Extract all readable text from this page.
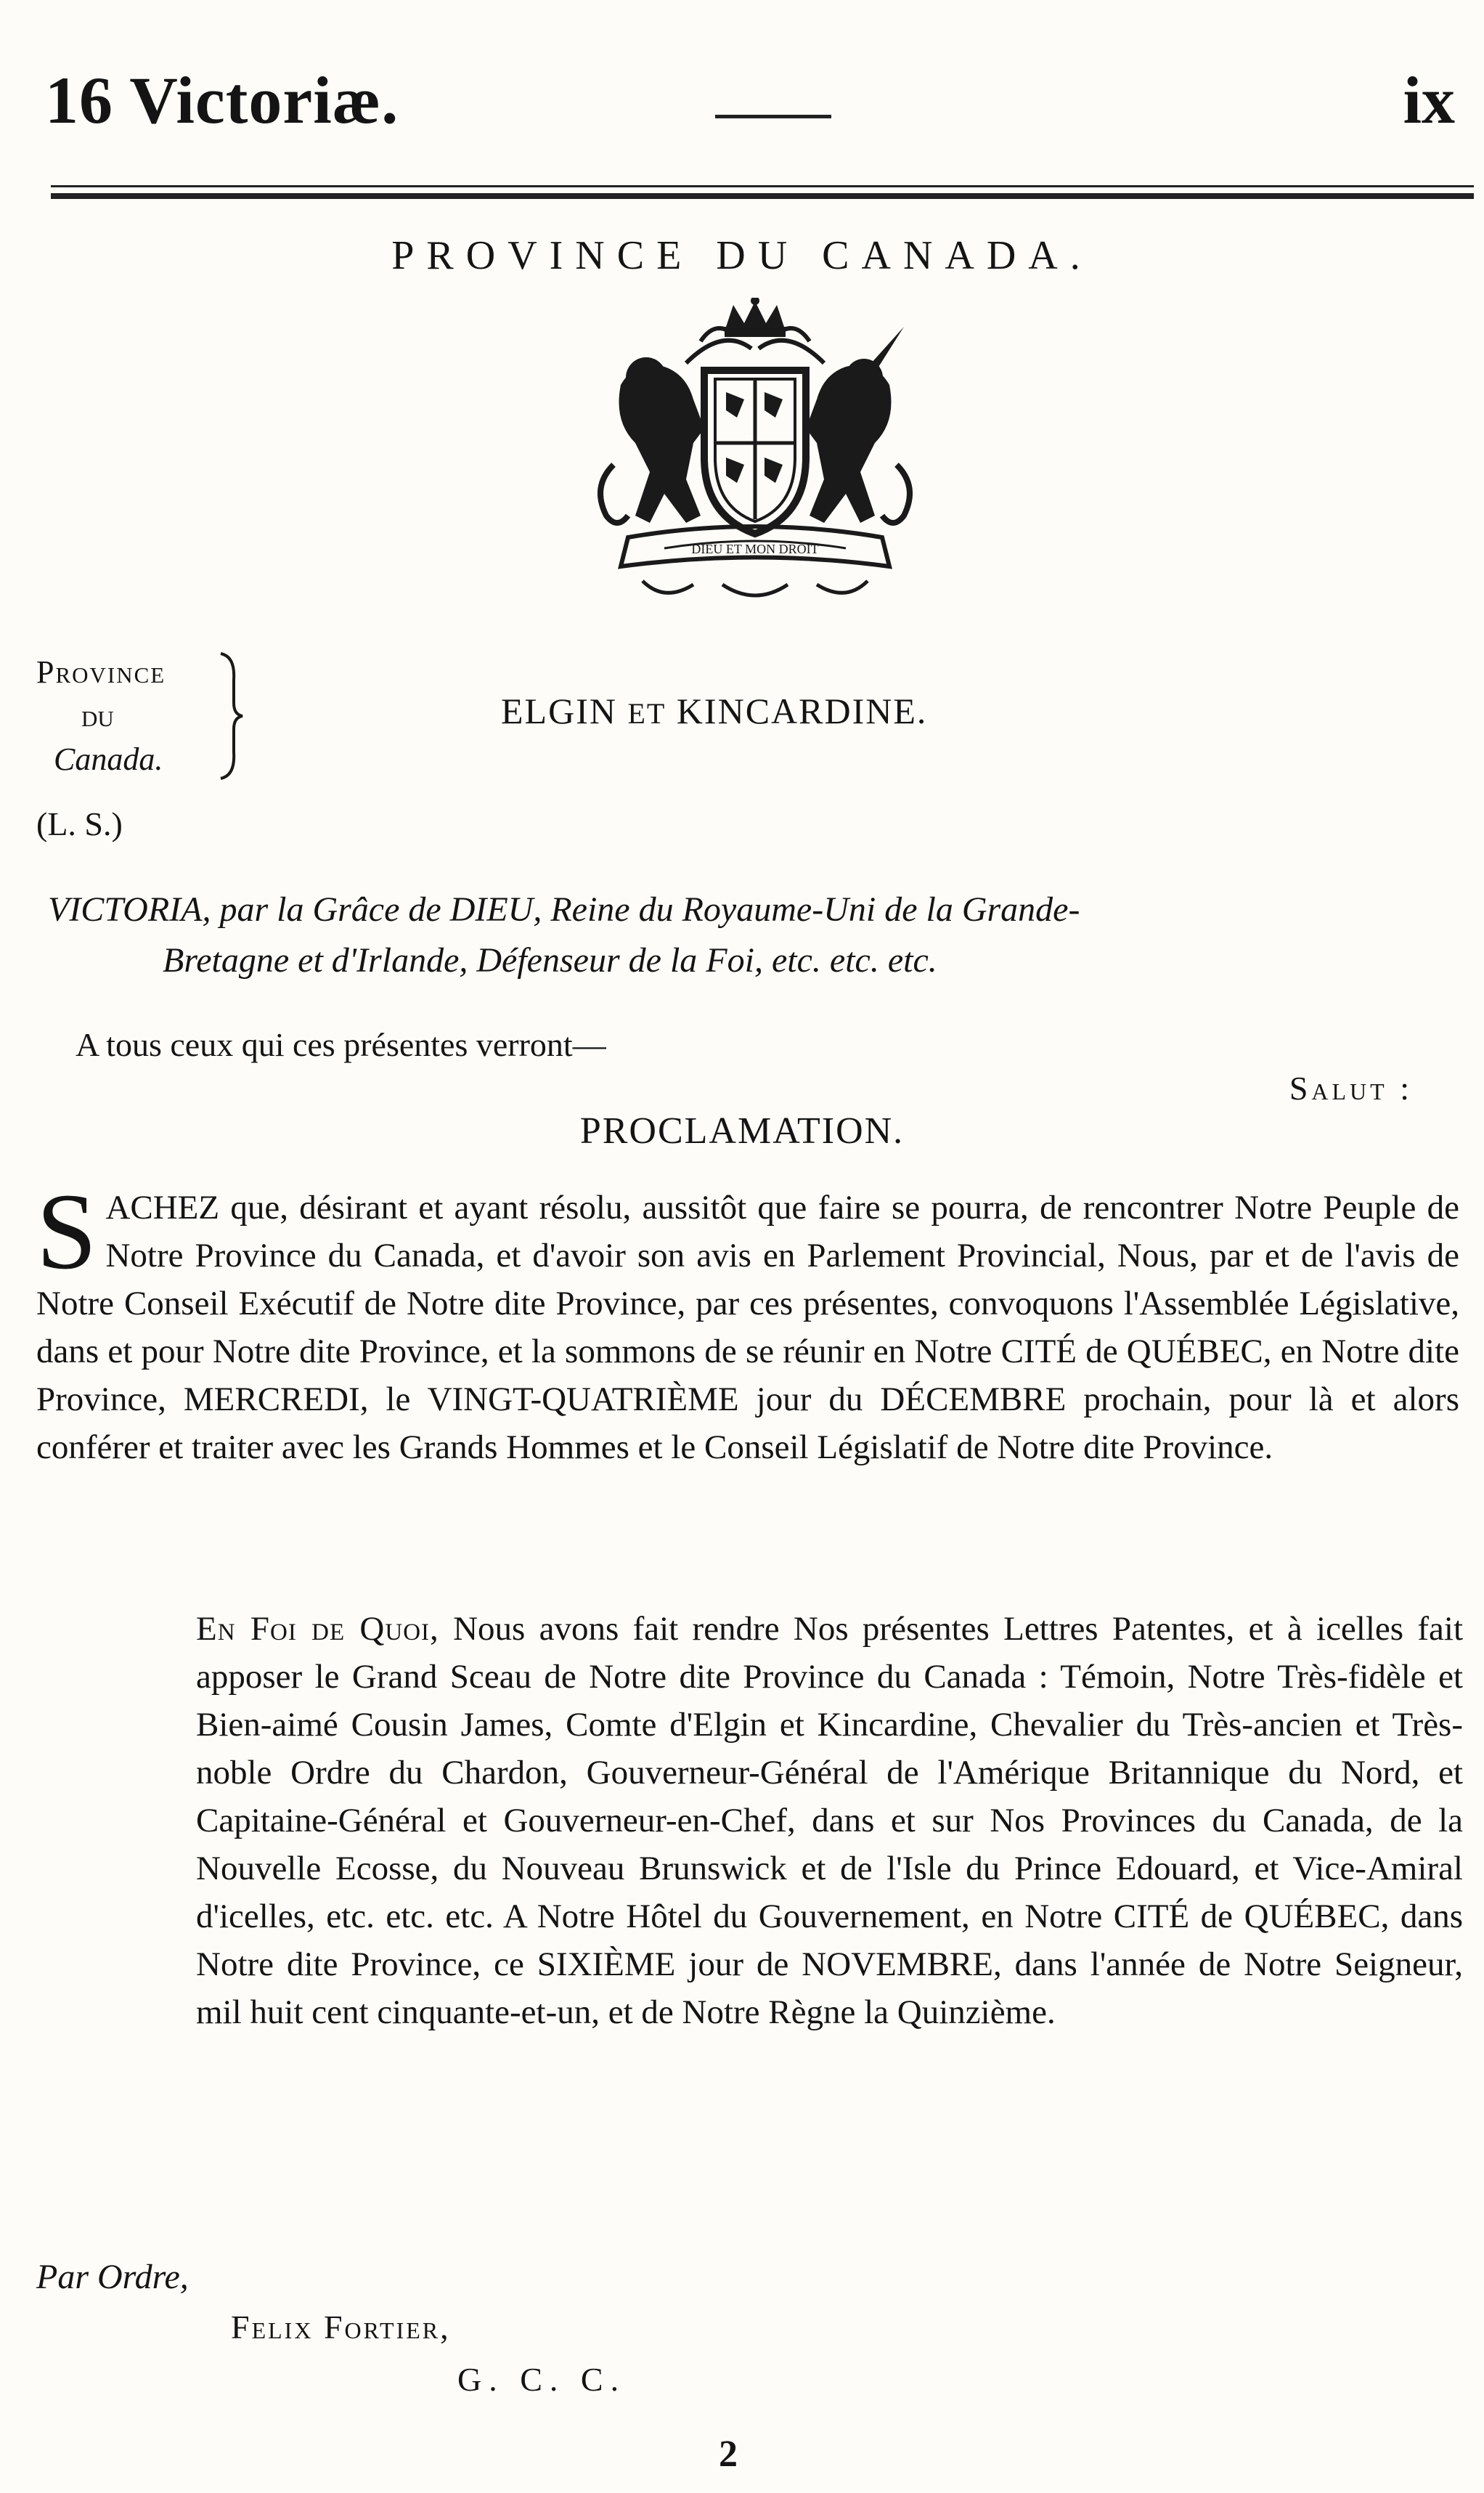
16 Victoriæ.	ix
PROVINCE DU CANADA.
DIEU ET MON DROIT
Province
du
Canada.
ELGIN ET KINCARDINE.
(L. S.)
VICTORIA, par la Grâce de DIEU, Reine du Royaume-Uni de la Grande-
Bretagne et d'Irlande, Défenseur de la Foi, etc. etc. etc.
A tous ceux qui ces présentes verront—
Salut :
PROCLAMATION.
SACHEZ que, désirant et ayant résolu, aussitôt que faire se pourra, de rencontrer Notre Peuple de Notre Province du Canada, et d'avoir son avis en Parlement Provincial, Nous, par et de l'avis de Notre Conseil Exécutif de Notre dite Province, par ces présentes, convoquons l'Assemblée Législative, dans et pour Notre dite Province, et la sommons de se réunir en Notre CITÉ de QUÉBEC, en Notre dite Province, MERCREDI, le VINGT-QUATRIÈME jour du DÉCEMBRE prochain, pour là et alors conférer et traiter avec les Grands Hommes et le Conseil Législatif de Notre dite Province.
En Foi de Quoi, Nous avons fait rendre Nos présentes Lettres Patentes, et à icelles fait apposer le Grand Sceau de Notre dite Province du Canada : Témoin, Notre Très-fidèle et Bien-aimé Cousin James, Comte d'Elgin et Kincardine, Chevalier du Très-ancien et Très-noble Ordre du Chardon, Gouverneur-Général de l'Amérique Britannique du Nord, et Capitaine-Général et Gouverneur-en-Chef, dans et sur Nos Provinces du Canada, de la Nouvelle Ecosse, du Nouveau Brunswick et de l'Isle du Prince Edouard, et Vice-Amiral d'icelles, etc. etc. etc. A Notre Hôtel du Gouvernement, en Notre CITÉ de QUÉBEC, dans Notre dite Province, ce SIXIÈME jour de NOVEMBRE, dans l'année de Notre Seigneur, mil huit cent cinquante-et-un, et de Notre Règne la Quinzième.
Par Ordre,
Felix Fortier,
G. C. C.
2
